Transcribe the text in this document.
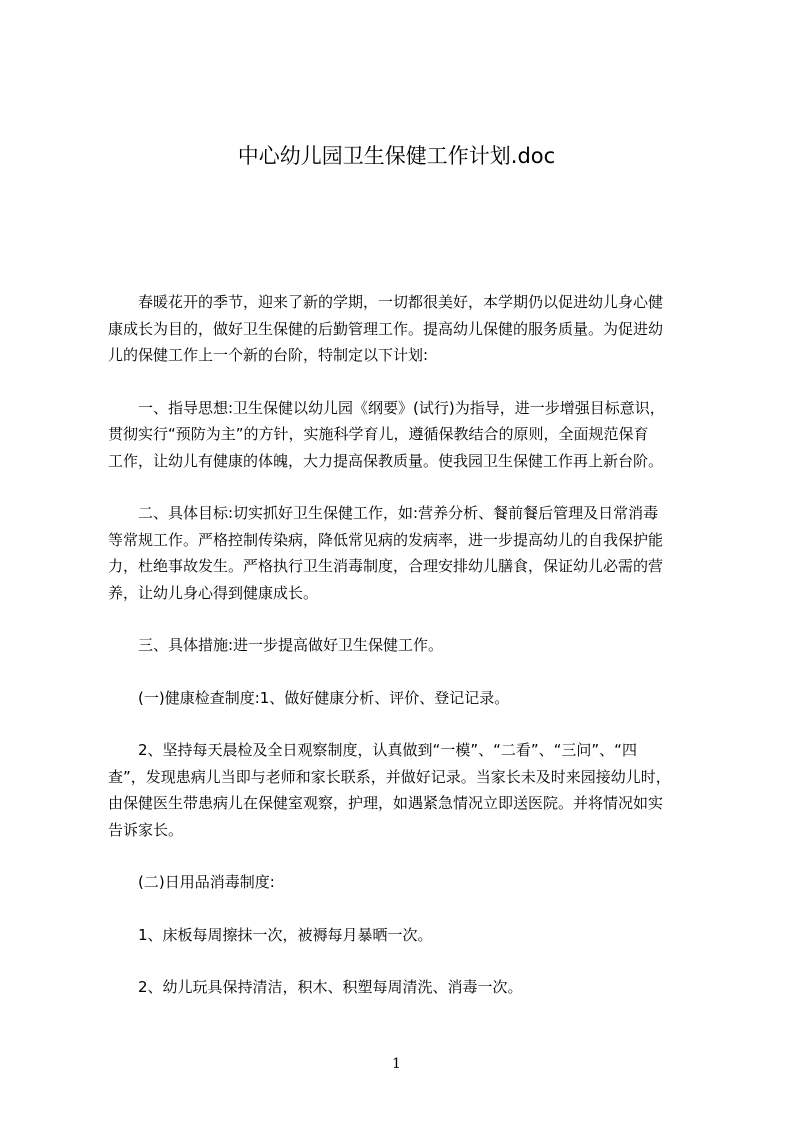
中心幼儿园卫生保健工作计划.doc

春暖花开的季节，迎来了新的学期，一切都很美好，本学期仍以促进幼儿身心健
康成长为目的，做好卫生保健的后勤管理工作。提高幼儿保健的服务质量。为促进幼
儿的保健工作上一个新的台阶，特制定以下计划:

一、指导思想:卫生保健以幼儿园《纲要》(试行)为指导，进一步增强目标意识，
贯彻实行“预防为主”的方针，实施科学育儿，遵循保教结合的原则，全面规范保育
工作，让幼儿有健康的体魄，大力提高保教质量。使我园卫生保健工作再上新台阶。

二、具体目标:切实抓好卫生保健工作，如:营养分析、餐前餐后管理及日常消毒
等常规工作。严格控制传染病，降低常见病的发病率，进一步提高幼儿的自我保护能
力，杜绝事故发生。严格执行卫生消毒制度，合理安排幼儿膳食，保证幼儿必需的营
养，让幼儿身心得到健康成长。

三、具体措施:进一步提高做好卫生保健工作。

(一)健康检查制度:1、做好健康分析、评价、登记记录。

2、坚持每天晨检及全日观察制度，认真做到“一模”、“二看”、“三问”、“四
查”，发现患病儿当即与老师和家长联系，并做好记录。当家长未及时来园接幼儿时，
由保健医生带患病儿在保健室观察，护理，如遇紧急情况立即送医院。并将情况如实
告诉家长。

(二)日用品消毒制度:

1、床板每周擦抹一次，被褥每月暴晒一次。

2、幼儿玩具保持清洁，积木、积塑每周清洗、消毒一次。

1
